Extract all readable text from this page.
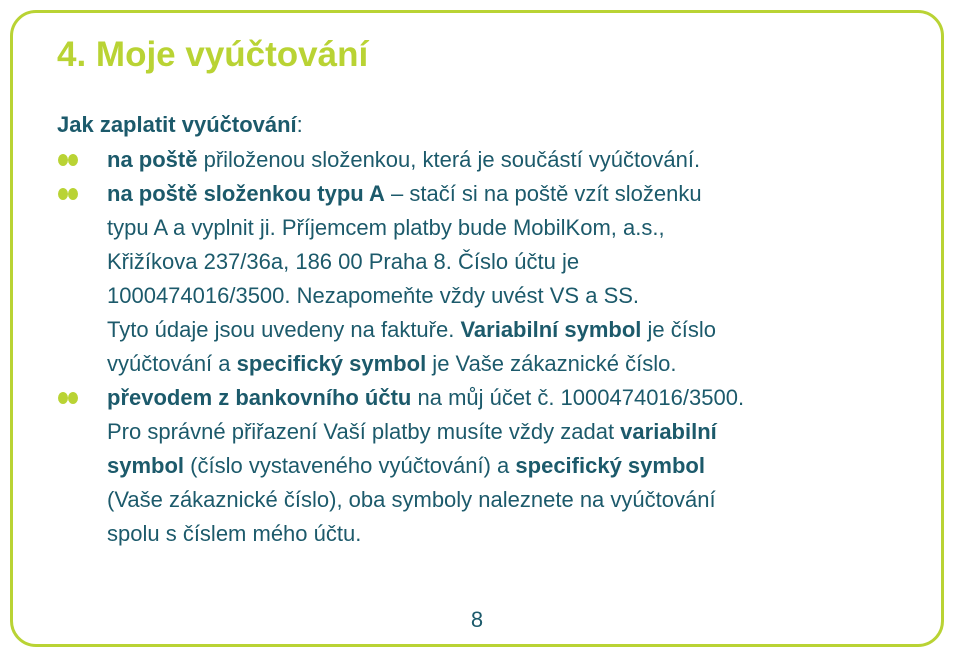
4. Moje vyúčtování
Jak zaplatit vyúčtování:
na poště přiloženou složenkou, která je součástí vyúčtování.
na poště složenkou typu A – stačí si na poště vzít složenku
typu A a vyplnit ji. Příjemcem platby bude MobilKom, a.s.,
Křižíkova 237/36a, 186 00 Praha 8. Číslo účtu je
1000474016/3500. Nezapomeňte vždy uvést VS a SS.
Tyto údaje jsou uvedeny na faktuře. Variabilní symbol je číslo
vyúčtování a specifický symbol je Vaše zákaznické číslo.
převodem z bankovního účtu na můj účet č. 1000474016/3500.
Pro správné přiřazení Vaší platby musíte vždy zadat variabilní
symbol (číslo vystaveného vyúčtování) a specifický symbol
(Vaše zákaznické číslo), oba symboly naleznete na vyúčtování
spolu s číslem mého účtu.
8
